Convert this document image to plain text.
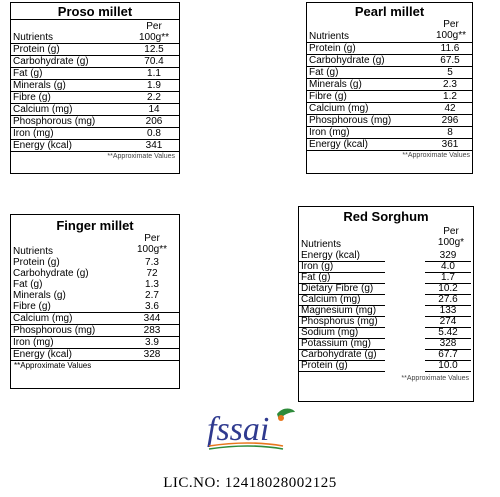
Proso millet
Per
100g**
Nutrients
Protein (g)	12.5
Carbohydrate (g)	70.4
Fat (g)	1.1
Minerals (g)	1.9
Fibre (g)	2.2
Calcium (mg)	14
Phosphorous (mg)	206
Iron (mg)	0.8
Energy (kcal)	341
**Approximate Values
Pearl millet
Per
100g**
Nutrients
Protein (g)	11.6
Carbohydrate (g)	67.5
Fat (g)	5
Minerals (g)	2.3
Fibre (g)	1.2
Calcium (mg)	42
Phosphorous (mg)	296
Iron (mg)	8
Energy (kcal)	361
**Approximate Values
Finger millet
Per
100g**
Nutrients
Protein (g)	7.3
Carbohydrate (g)	72
Fat (g)	1.3
Minerals (g)	2.7
Fibre (g)	3.6
Calcium (mg)	344
Phosphorous (mg)	283
Iron (mg)	3.9
Energy (kcal)	328
**Approximate Values
Red Sorghum
Per
100g*
Nutrients
Energy (kcal)	329
Iron (g)	4.0
Fat (g)	1.7
Dietary Fibre (g)	10.2
Calcium (mg)	27.6
Magnesium (mg)	133
Phosphorus (mg)	274
Sodium (mg)	5.42
Potassium (mg)	328
Carbohydrate (g)	67.7
Protein (g)	10.0
**Approximate Values
fssai
LIC.NO: 12418028002125
